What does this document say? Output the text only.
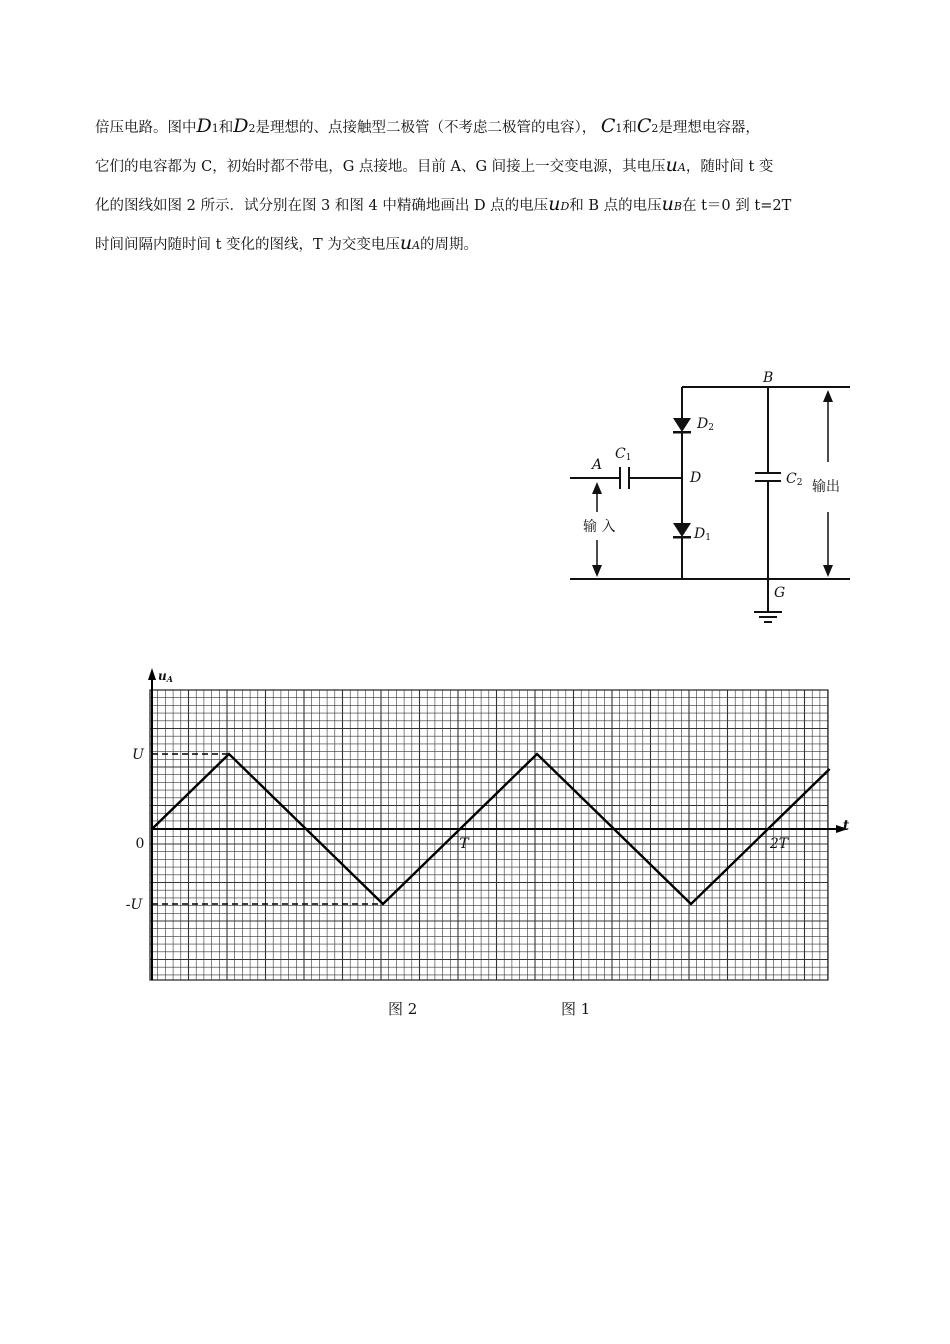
倍压电路。图中D1和D2是理想的、点接触型二极管（不考虑二极管的电容）， C1和C2是理想电容器，
它们的电容都为 C，初始时都不带电，G 点接地。目前 A、G 间接上一交变电源，其电压uA，随时间 t 变
化的图线如图 2 所示．试分别在图 3 和图 4 中精确地画出 D 点的电压uD和 B 点的电压uB在 t＝0 到 t=2T
时间间隔内随时间 t 变化的图线，T 为交变电压uA的周期。
B
A
C1
D
D2
D1
C2
G
输 入
输出
uA
t
0	T	2T
U
-U
图 2	图 1
